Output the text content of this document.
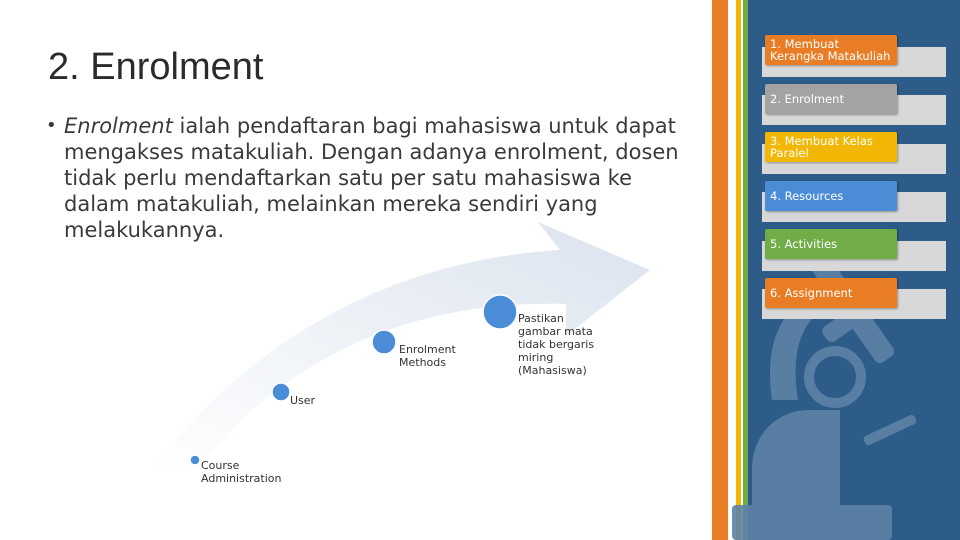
2. Enrolment
• Enrolment ialah pendaftaran bagi mahasiswa untuk dapat mengakses matakuliah. Dengan adanya enrolment, dosen tidak perlu mendaftarkan satu per satu mahasiswa ke dalam matakuliah, melainkan mereka sendiri yang melakukannya.
Course Administration
User
Enrolment Methods
Pastikan gambar mata tidak bergaris miring (Mahasiswa)
1. Membuat Kerangka Matakuliah
2. Enrolment
3. Membuat Kelas Paralel
4. Resources
5. Activities
6. Assignment
